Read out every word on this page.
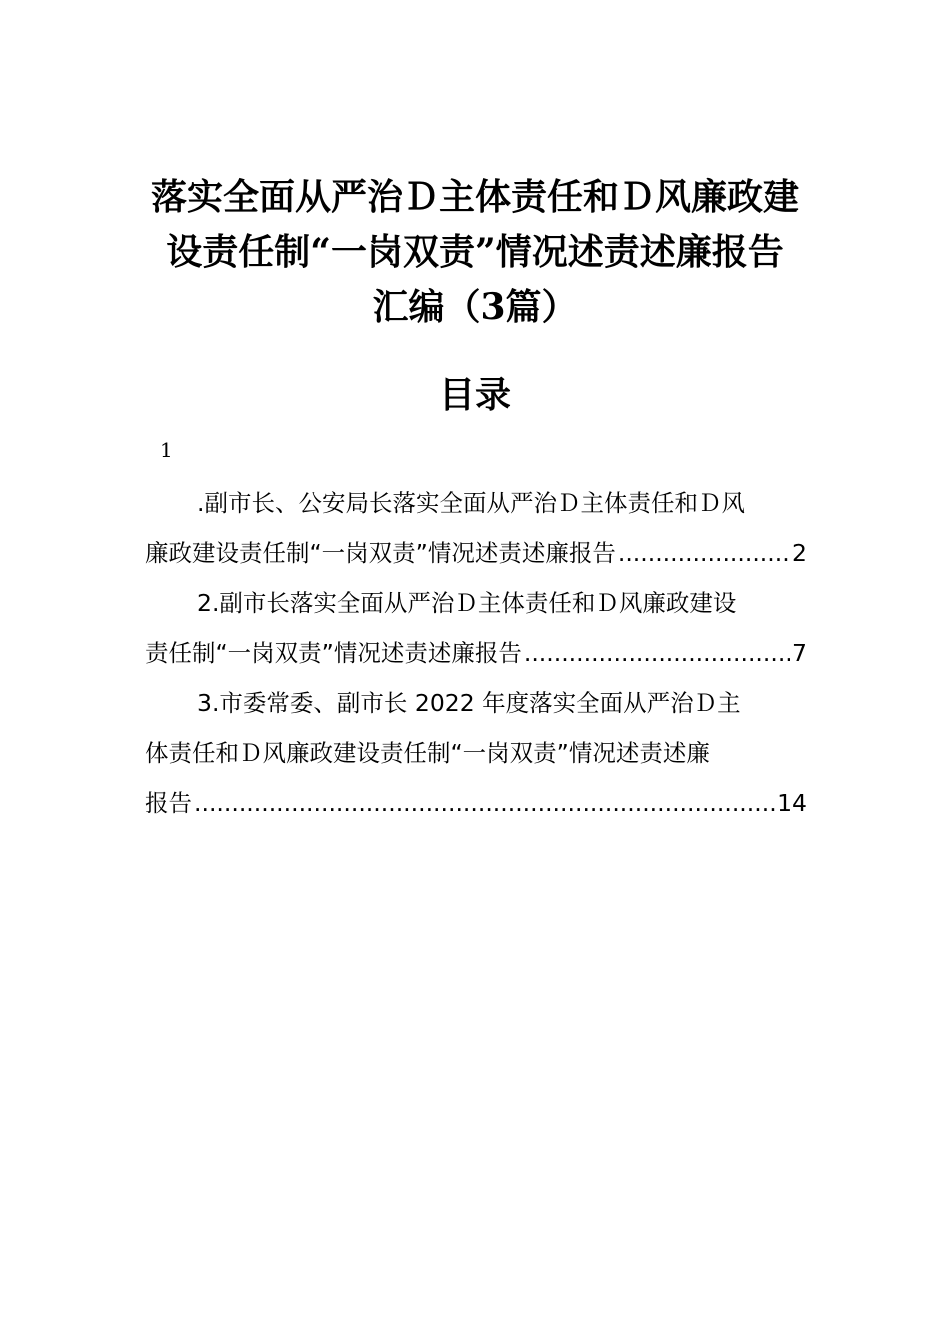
落实全面从严治Ｄ主体责任和Ｄ风廉政建
设责任制“一岗双责”情况述责述廉报告
汇编（3篇）
目录
1
.副市长、公安局长落实全面从严治Ｄ主体责任和Ｄ风
廉政建设责任制“一岗双责”情况述责述廉报告 .....	2
2.副市长落实全面从严治Ｄ主体责任和Ｄ风廉政建设
责任制“一岗双责”情况述责述廉报告 .....	7
3.市委常委、副市长 2022 年度落实全面从严治Ｄ主
体责任和Ｄ风廉政建设责任制“一岗双责”情况述责述廉
报告 .....	14
